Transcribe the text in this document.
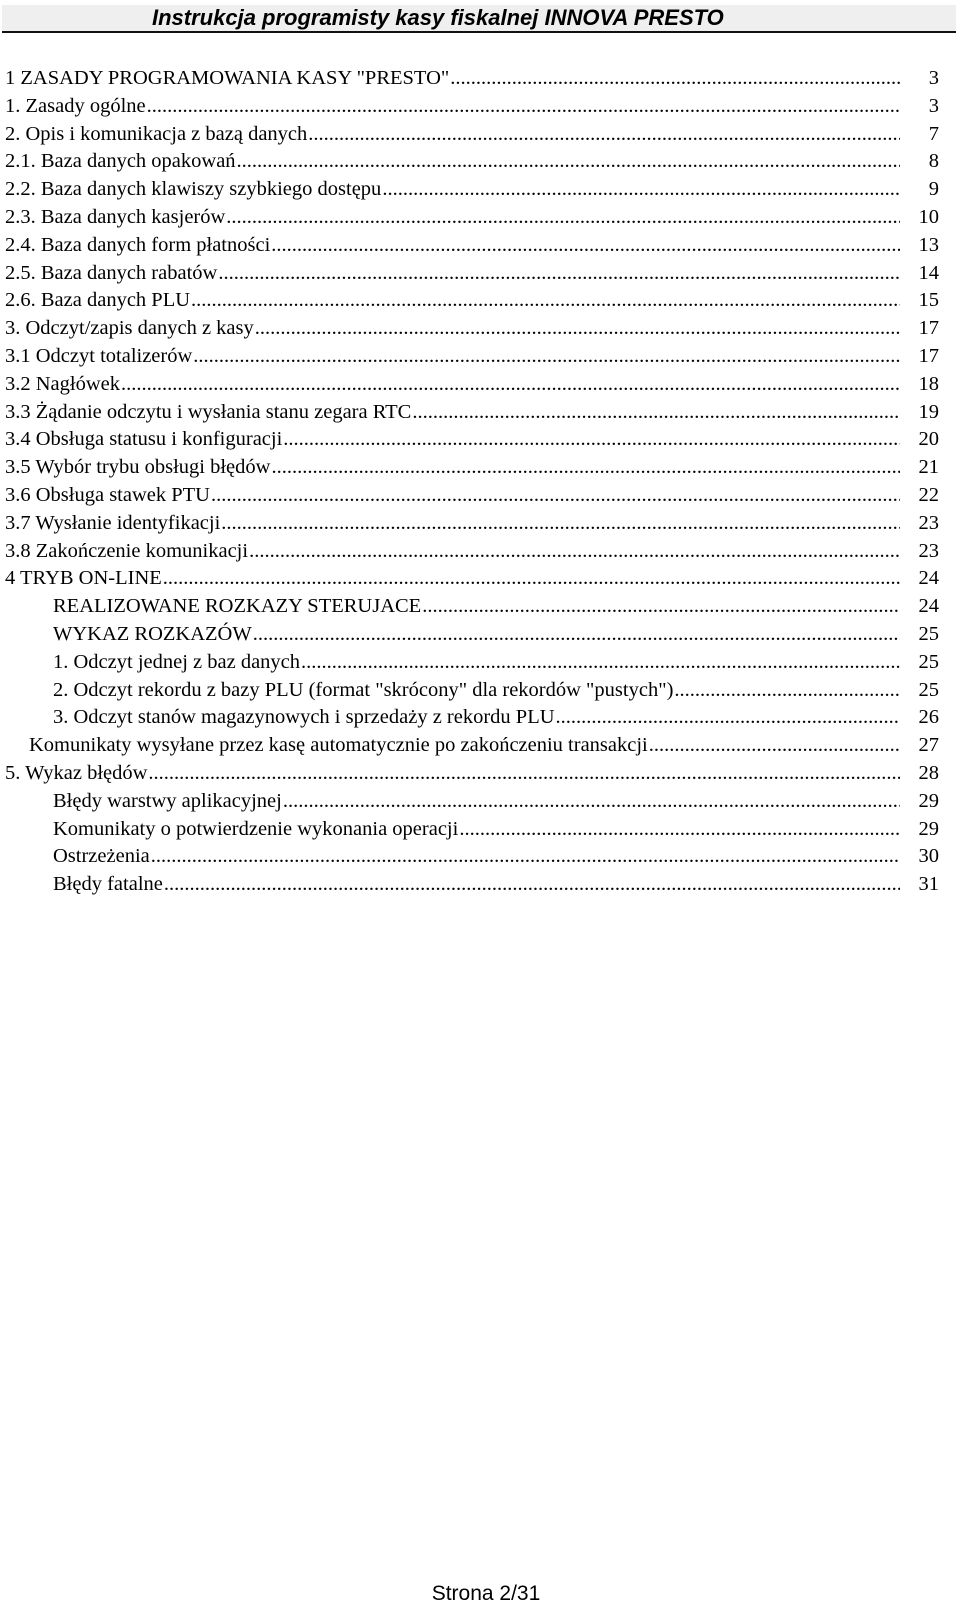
Instrukcja programisty kasy fiskalnej INNOVA PRESTO
1 ZASADY PROGRAMOWANIA KASY "PRESTO" .....	3
1. Zasady ogólne .....	3
2. Opis i komunikacja z bazą danych .....	7
2.1. Baza danych opakowań .....	8
2.2. Baza danych klawiszy szybkiego dostępu .....	9
2.3. Baza danych kasjerów .....	10
2.4. Baza danych form płatności .....	13
2.5. Baza danych rabatów .....	14
2.6. Baza danych PLU .....	15
3. Odczyt/zapis danych z kasy .....	17
3.1 Odczyt totalizerów .....	17
3.2 Nagłówek .....	18
3.3 Żądanie odczytu i wysłania stanu zegara RTC .....	19
3.4 Obsługa statusu i konfiguracji .....	20
3.5 Wybór trybu obsługi błędów .....	21
3.6 Obsługa stawek PTU .....	22
3.7 Wysłanie identyfikacji .....	23
3.8 Zakończenie komunikacji .....	23
4 TRYB ON-LINE .....	24
REALIZOWANE ROZKAZY STERUJACE .....	24
WYKAZ ROZKAZÓW .....	25
1. Odczyt jednej z baz danych .....	25
2. Odczyt rekordu z bazy PLU (format "skrócony" dla rekordów "pustych") .....	25
3. Odczyt stanów magazynowych i sprzedaży z rekordu PLU .....	26
Komunikaty wysyłane przez kasę automatycznie po zakończeniu transakcji .....	27
5. Wykaz błędów .....	28
Błędy warstwy aplikacyjnej .....	29
Komunikaty o potwierdzenie wykonania operacji .....	29
Ostrzeżenia .....	30
Błędy fatalne .....	31
Strona 2/31
